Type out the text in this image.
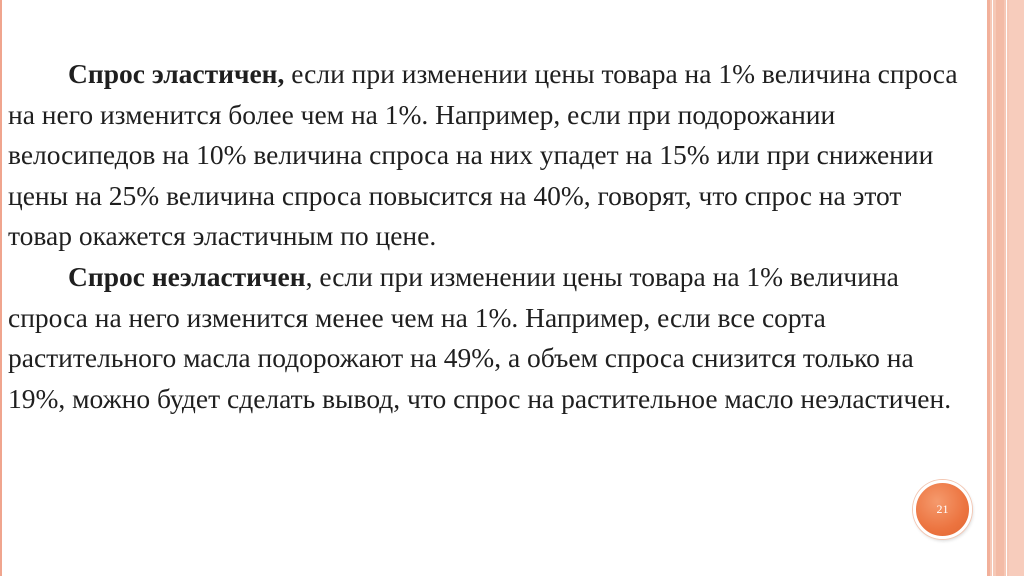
Спрос эластичен, если при изменении цены товара на 1% величина спроса на него изменится более чем на 1%. Например, если при подорожании велосипедов на 10% величина спроса на них упадет на 15% или при снижении цены на 25% величина спроса повысится на 40%, говорят, что спрос на этот товар окажется эластичным по цене.

Спрос неэластичен, если при изменении цены товара на 1% величина спроса на него изменится менее чем на 1%. Например, если все сорта растительного масла подорожают на 49%, а объем спроса снизится только на 19%, можно будет сделать вывод, что спрос на растительное масло неэластичен.

21
